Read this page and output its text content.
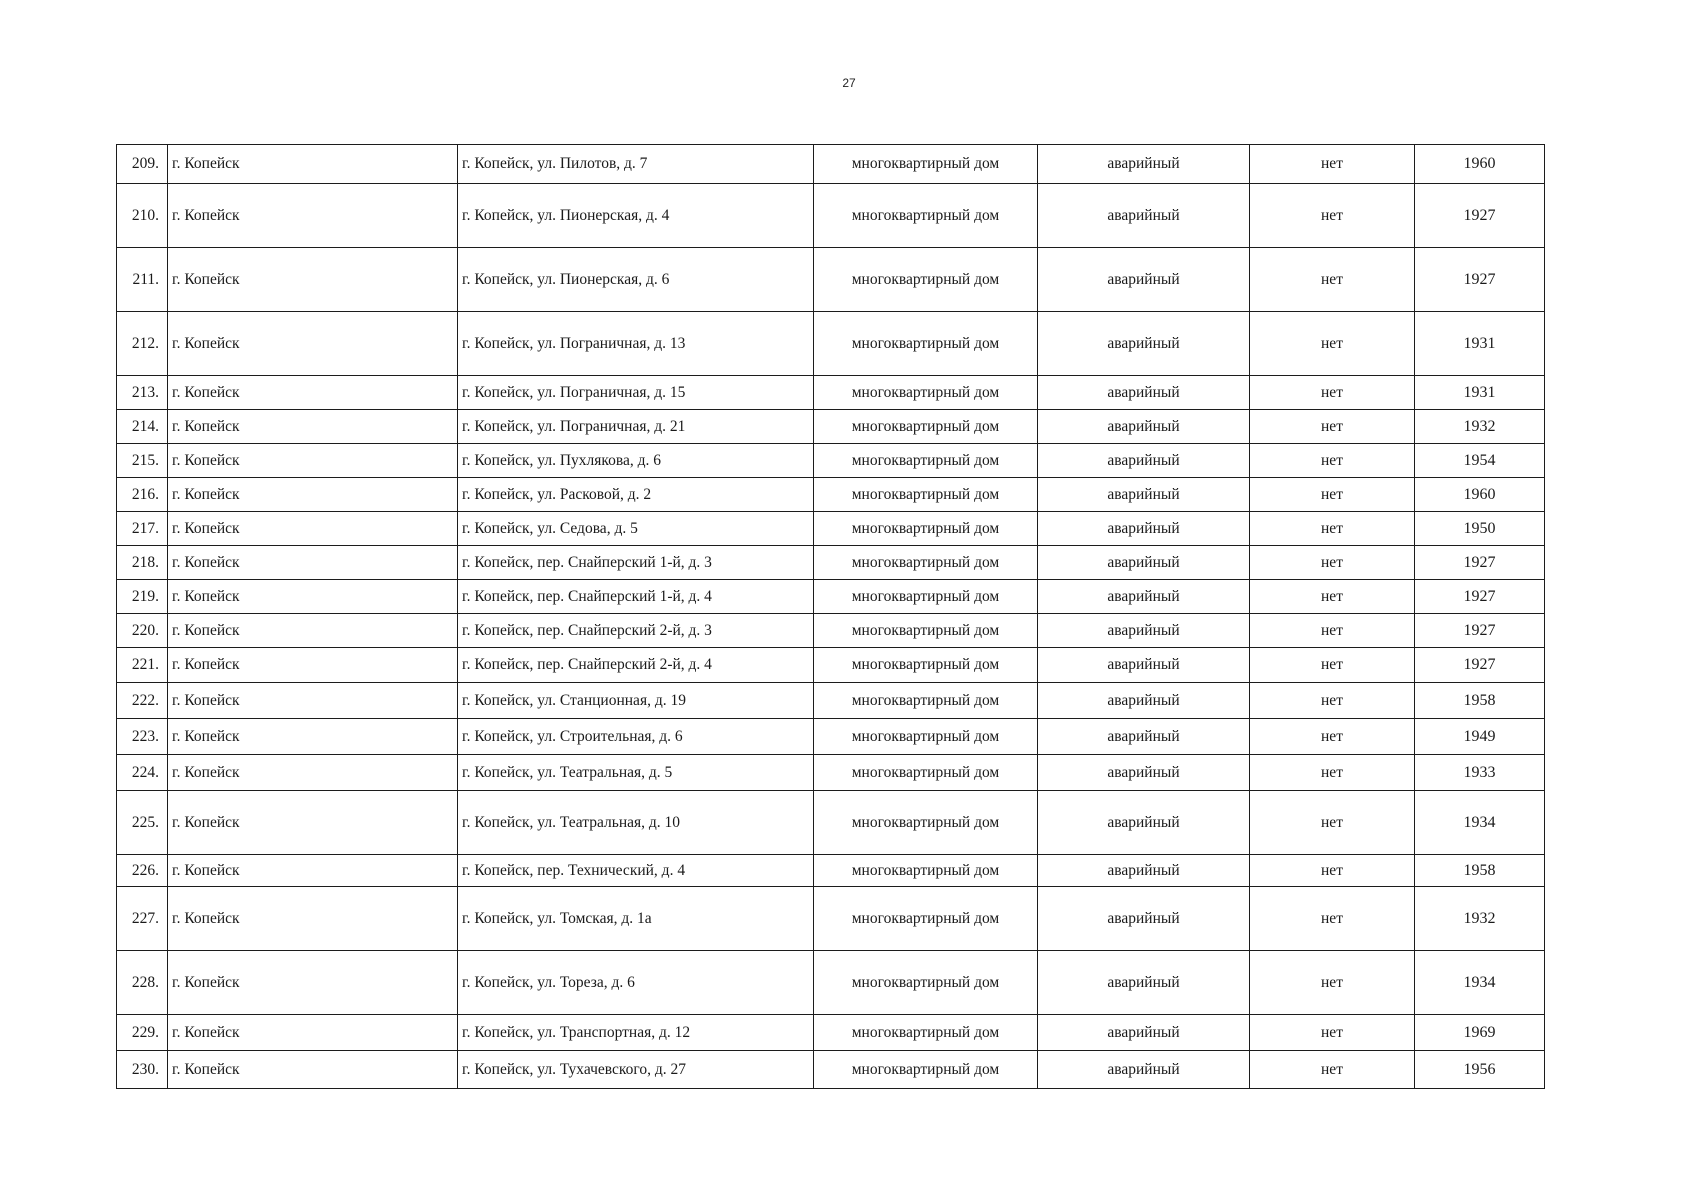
27
209.	г. Копейск	г. Копейск, ул. Пилотов, д. 7	многоквартирный дом	аварийный	нет	1960
210.	г. Копейск	г. Копейск, ул. Пионерская, д. 4	многоквартирный дом	аварийный	нет	1927
211.	г. Копейск	г. Копейск, ул. Пионерская, д. 6	многоквартирный дом	аварийный	нет	1927
212.	г. Копейск	г. Копейск, ул. Пограничная, д. 13	многоквартирный дом	аварийный	нет	1931
213.	г. Копейск	г. Копейск, ул. Пограничная, д. 15	многоквартирный дом	аварийный	нет	1931
214.	г. Копейск	г. Копейск, ул. Пограничная, д. 21	многоквартирный дом	аварийный	нет	1932
215.	г. Копейск	г. Копейск, ул. Пухлякова, д. 6	многоквартирный дом	аварийный	нет	1954
216.	г. Копейск	г. Копейск, ул. Расковой, д. 2	многоквартирный дом	аварийный	нет	1960
217.	г. Копейск	г. Копейск, ул. Седова, д. 5	многоквартирный дом	аварийный	нет	1950
218.	г. Копейск	г. Копейск, пер. Снайперский 1-й, д. 3	многоквартирный дом	аварийный	нет	1927
219.	г. Копейск	г. Копейск, пер. Снайперский 1-й, д. 4	многоквартирный дом	аварийный	нет	1927
220.	г. Копейск	г. Копейск, пер. Снайперский 2-й, д. 3	многоквартирный дом	аварийный	нет	1927
221.	г. Копейск	г. Копейск, пер. Снайперский 2-й, д. 4	многоквартирный дом	аварийный	нет	1927
222.	г. Копейск	г. Копейск, ул. Станционная, д. 19	многоквартирный дом	аварийный	нет	1958
223.	г. Копейск	г. Копейск, ул. Строительная, д. 6	многоквартирный дом	аварийный	нет	1949
224.	г. Копейск	г. Копейск, ул. Театральная, д. 5	многоквартирный дом	аварийный	нет	1933
225.	г. Копейск	г. Копейск, ул. Театральная, д. 10	многоквартирный дом	аварийный	нет	1934
226.	г. Копейск	г. Копейск, пер. Технический, д. 4	многоквартирный дом	аварийный	нет	1958
227.	г. Копейск	г. Копейск, ул. Томская, д. 1а	многоквартирный дом	аварийный	нет	1932
228.	г. Копейск	г. Копейск, ул. Тореза, д. 6	многоквартирный дом	аварийный	нет	1934
229.	г. Копейск	г. Копейск, ул. Транспортная, д. 12	многоквартирный дом	аварийный	нет	1969
230.	г. Копейск	г. Копейск, ул. Тухачевского, д. 27	многоквартирный дом	аварийный	нет	1956
